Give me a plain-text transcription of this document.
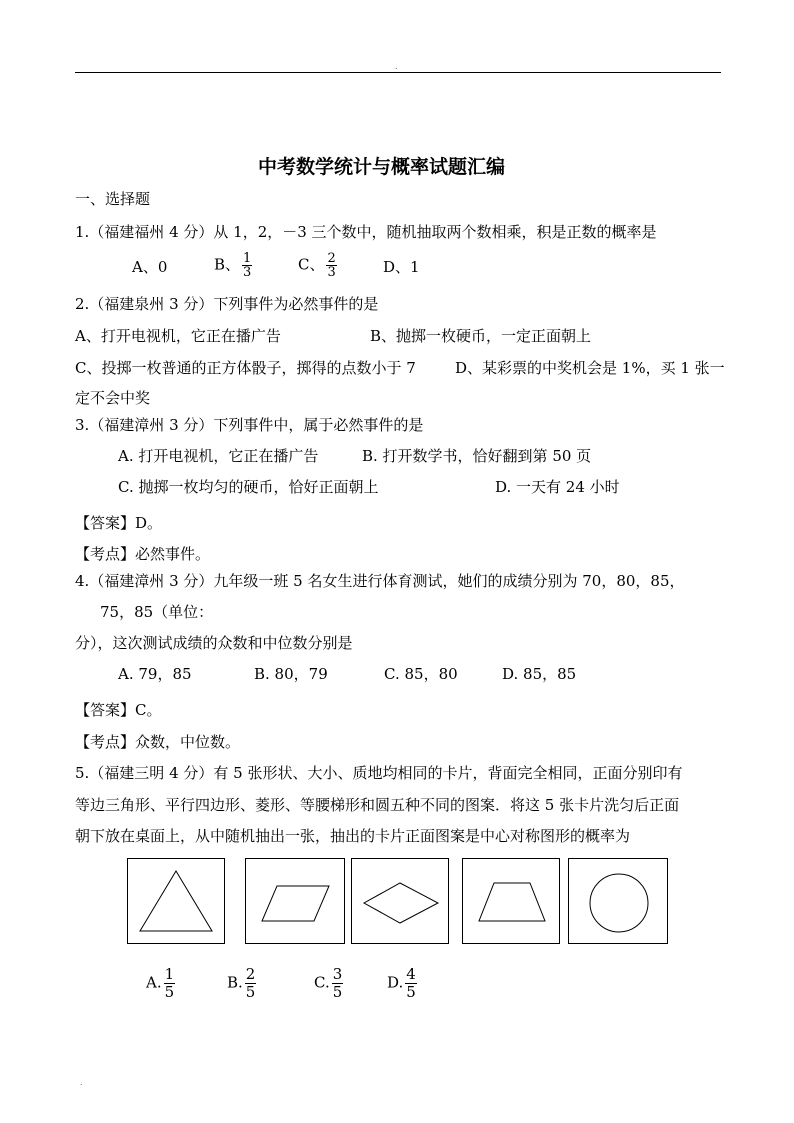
.
中考数学统计与概率试题汇编
一、选择题
1.（福建福州 4 分）从 1，2，－3 三个数中，随机抽取两个数相乘，积是正数的概率是
A、0	B、 $\frac{1}{3}$	C、 $\frac{2}{3}$	D、1
2.（福建泉州 3 分）下列事件为必然事件的是
A、打开电视机，它正在播广告	B、抛掷一枚硬币，一定正面朝上
C、投掷一枚普通的正方体骰子，掷得的点数小于 7	D、某彩票的中奖机会是 1%，买 1 张一
定不会中奖
3.（福建漳州 3 分）下列事件中，属于必然事件的是
A. 打开电视机，它正在播广告	B. 打开数学书，恰好翻到第 50 页
C. 抛掷一枚均匀的硬币，恰好正面朝上	D. 一天有 24 小时
【答案】D。
【考点】必然事件。
4.（福建漳州 3 分）九年级一班 5 名女生进行体育测试，她们的成绩分别为 70，80，85，
75，85（单位：
分），这次测试成绩的众数和中位数分别是
A. 79，85	B. 80，79	C. 85，80	D. 85，85
【答案】C。
【考点】众数，中位数。
5.（福建三明 4 分）有 5 张形状、大小、质地均相同的卡片，背面完全相同，正面分别印有
等边三角形、平行四边形、菱形、等腰梯形和圆五种不同的图案．将这 5 张卡片洗匀后正面
朝下放在桌面上，从中随机抽出一张，抽出的卡片正面图案是中心对称图形的概率为
A. $\frac{1}{5}$	B. $\frac{2}{5}$	C. $\frac{3}{5}$	D. $\frac{4}{5}$
.
